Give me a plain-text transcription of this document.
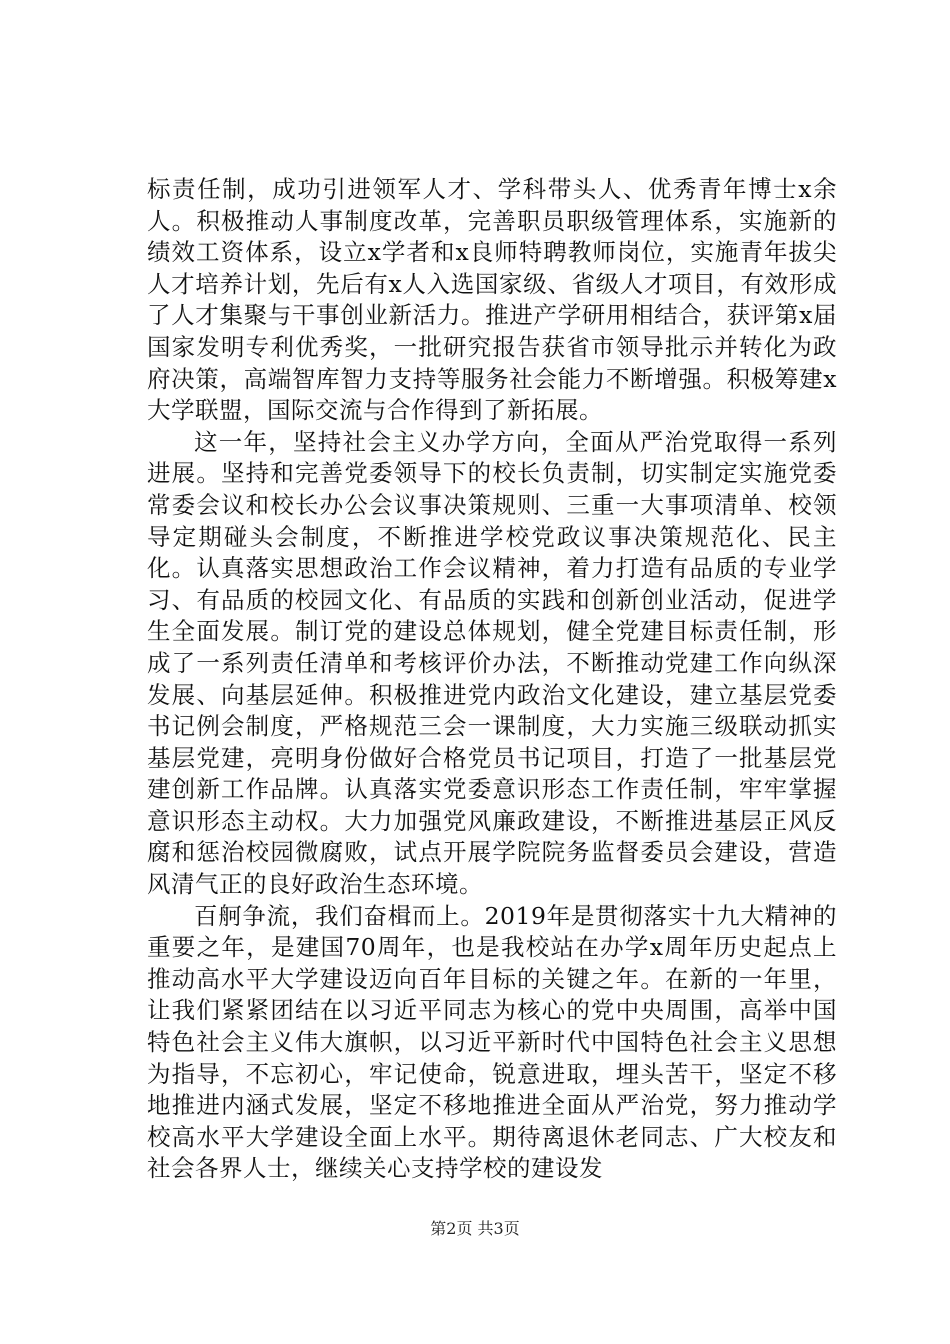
标责任制，成功引进领军人才、学科带头人、优秀青年博士x余人。积极推动人事制度改革，完善职员职级管理体系，实施新的绩效工资体系，设立x学者和x良师特聘教师岗位，实施青年拔尖人才培养计划，先后有x人入选国家级、省级人才项目，有效形成了人才集聚与干事创业新活力。推进产学研用相结合，获评第x届国家发明专利优秀奖，一批研究报告获省市领导批示并转化为政府决策，高端智库智力支持等服务社会能力不断增强。积极筹建x大学联盟，国际交流与合作得到了新拓展。

这一年，坚持社会主义办学方向，全面从严治党取得一系列进展。坚持和完善党委领导下的校长负责制，切实制定实施党委常委会议和校长办公会议事决策规则、三重一大事项清单、校领导定期碰头会制度，不断推进学校党政议事决策规范化、民主化。认真落实思想政治工作会议精神，着力打造有品质的专业学习、有品质的校园文化、有品质的实践和创新创业活动，促进学生全面发展。制订党的建设总体规划，健全党建目标责任制，形成了一系列责任清单和考核评价办法，不断推动党建工作向纵深发展、向基层延伸。积极推进党内政治文化建设，建立基层党委书记例会制度，严格规范三会一课制度，大力实施三级联动抓实基层党建，亮明身份做好合格党员书记项目，打造了一批基层党建创新工作品牌。认真落实党委意识形态工作责任制，牢牢掌握意识形态主动权。大力加强党风廉政建设，不断推进基层正风反腐和惩治校园微腐败，试点开展学院院务监督委员会建设，营造风清气正的良好政治生态环境。

百舸争流，我们奋楫而上。2019年是贯彻落实十九大精神的重要之年，是建国70周年，也是我校站在办学x周年历史起点上推动高水平大学建设迈向百年目标的关键之年。在新的一年里，让我们紧紧团结在以习近平同志为核心的党中央周围，高举中国特色社会主义伟大旗帜，以习近平新时代中国特色社会主义思想为指导，不忘初心，牢记使命，锐意进取，埋头苦干，坚定不移地推进内涵式发展，坚定不移地推进全面从严治党，努力推动学校高水平大学建设全面上水平。期待离退休老同志、广大校友和社会各界人士，继续关心支持学校的建设发

第2页 共3页
